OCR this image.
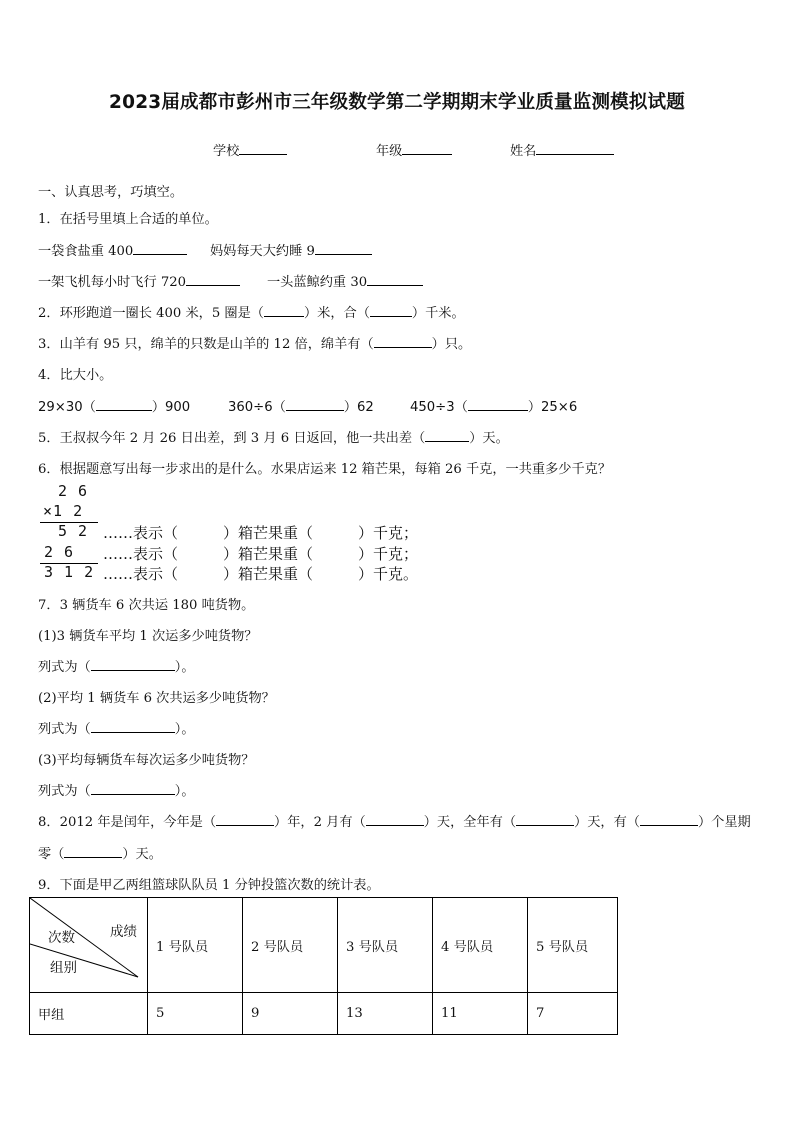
2023届成都市彭州市三年级数学第二学期期末学业质量监测模拟试题
学校	年级	姓名
一、认真思考，巧填空。
1．在括号里填上合适的单位。
一袋食盐重 400	妈妈每天大约睡 9
一架飞机每小时飞行 720	一头蓝鲸约重 30
2．环形跑道一圈长 400 米，5 圈是（	）米，合（	）千米。
3．山羊有 95 只，绵羊的只数是山羊的 12 倍，绵羊有（	）只。
4．比大小。
29×30（	）900	360÷6（	）62	450÷3（	）25×6
5．王叔叔今年 2 月 26 日出差，到 3 月 6 日返回，他一共出差（	）天。
6．根据题意写出每一步求出的是什么。水果店运来 12 箱芒果，每箱 26 千克，一共重多少千克？
2 6
×1 2
5 2
2 6
3 1 2
……表示（　　　）箱芒果重（　　　）千克；
……表示（　　　）箱芒果重（　　　）千克；
……表示（　　　）箱芒果重（　　　）千克。
7．3 辆货车 6 次共运 180 吨货物。
(1)3 辆货车平均 1 次运多少吨货物？
列式为（	）。
(2)平均 1 辆货车 6 次共运多少吨货物？
列式为（	）。
(3)平均每辆货车每次运多少吨货物？
列式为（	）。
8．2012 年是闰年，今年是（	）年，2 月有（	）天，全年有（	）天，有（	）个星期
零（	）天。
9．下面是甲乙两组篮球队队员 1 分钟投篮次数的统计表。
成绩
次数
组别	1 号队员	2 号队员	3 号队员	4 号队员	5 号队员
甲组	5	9	13	11	7
